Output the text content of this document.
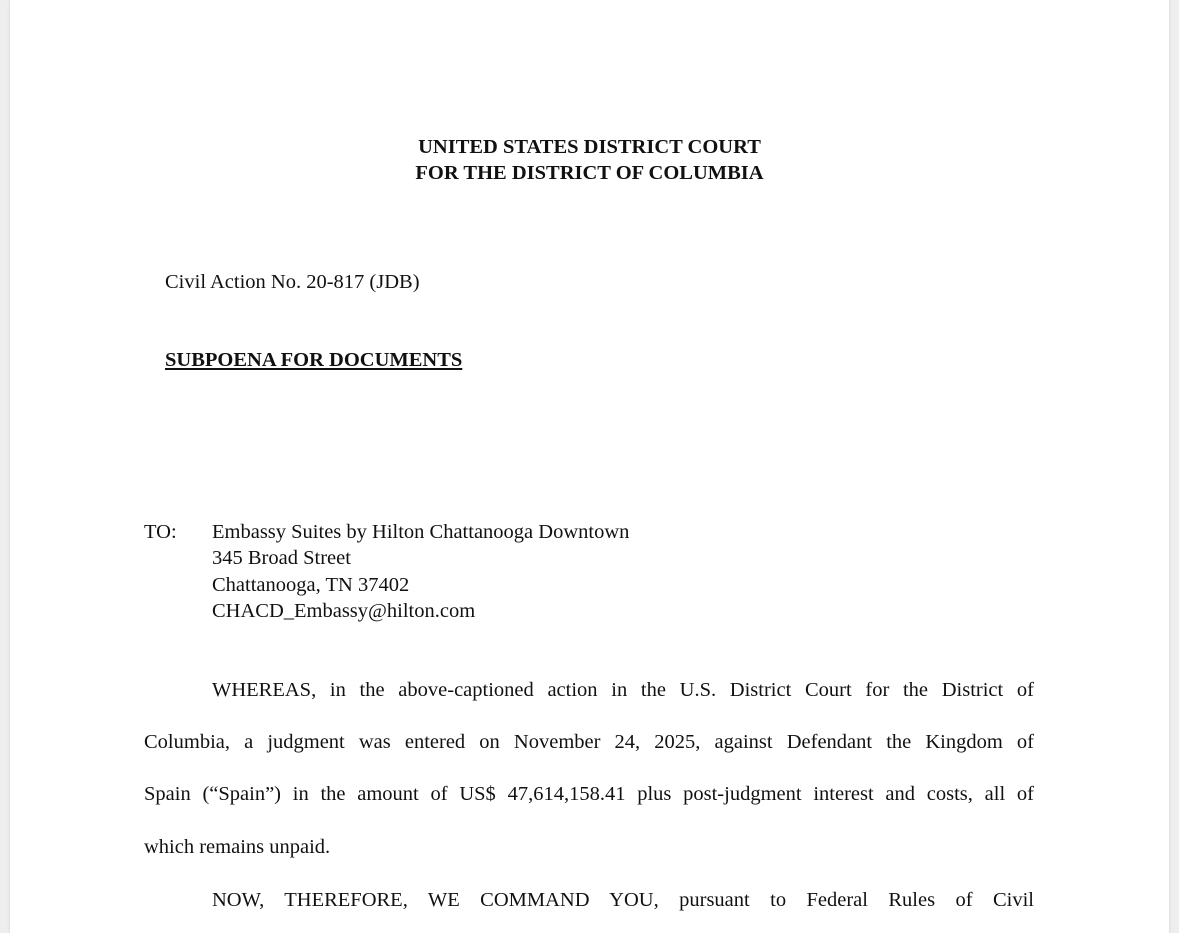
UNITED STATES DISTRICT COURT
FOR THE DISTRICT OF COLUMBIA
Civil Action No. 20-817 (JDB)
SUBPOENA FOR DOCUMENTS
TO: Embassy Suites by Hilton Chattanooga Downtown
345 Broad Street
Chattanooga, TN 37402
CHACD_Embassy@hilton.com
WHEREAS, in the above-captioned action in the U.S. District Court for the District of
Columbia, a judgment was entered on November 24, 2025, against Defendant the Kingdom of
Spain (“Spain”) in the amount of US$ 47,614,158.41 plus post-judgment interest and costs, all of
which remains unpaid.
NOW, THEREFORE, WE COMMAND YOU, pursuant to Federal Rules of Civil
